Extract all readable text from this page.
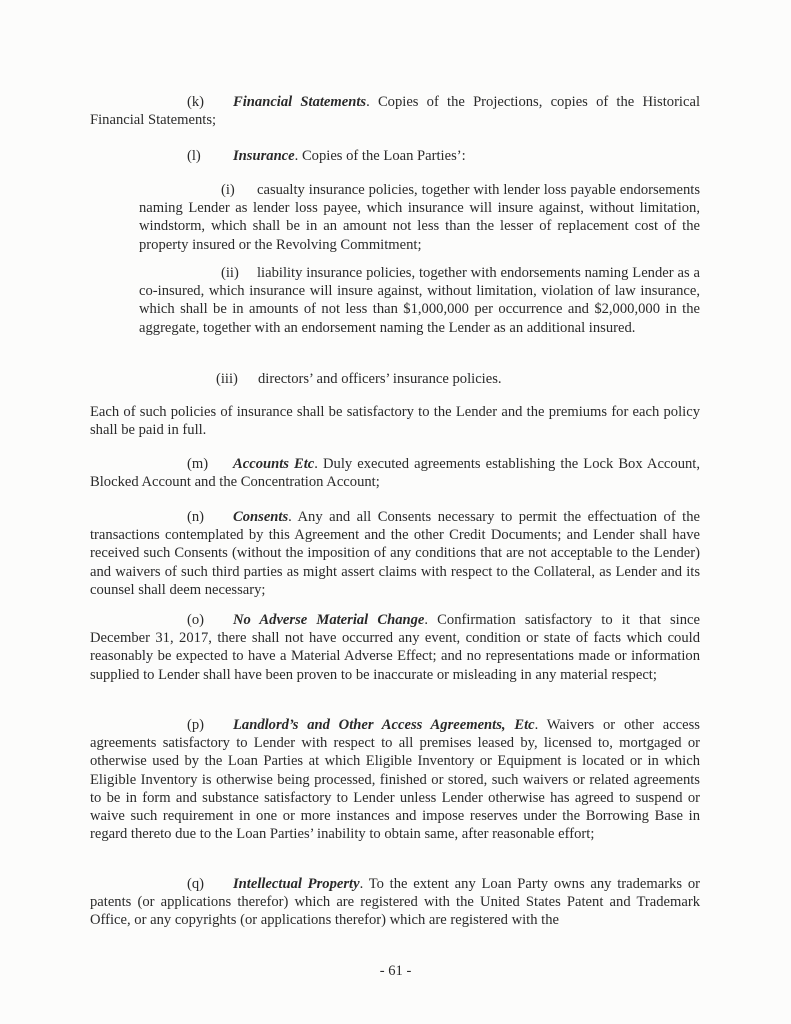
(k) Financial Statements. Copies of the Projections, copies of the Historical Financial Statements;
(l) Insurance. Copies of the Loan Parties’:
(i) casualty insurance policies, together with lender loss payable endorsements naming Lender as lender loss payee, which insurance will insure against, without limitation, windstorm, which shall be in an amount not less than the lesser of replacement cost of the property insured or the Revolving Commitment;
(ii) liability insurance policies, together with endorsements naming Lender as a co-insured, which insurance will insure against, without limitation, violation of law insurance, which shall be in amounts of not less than $1,000,000 per occurrence and $2,000,000 in the aggregate, together with an endorsement naming the Lender as an additional insured.
(iii) directors’ and officers’ insurance policies.
Each of such policies of insurance shall be satisfactory to the Lender and the premiums for each policy shall be paid in full.
(m) Accounts Etc. Duly executed agreements establishing the Lock Box Account, Blocked Account and the Concentration Account;
(n) Consents. Any and all Consents necessary to permit the effectuation of the transactions contemplated by this Agreement and the other Credit Documents; and Lender shall have received such Consents (without the imposition of any conditions that are not acceptable to the Lender) and waivers of such third parties as might assert claims with respect to the Collateral, as Lender and its counsel shall deem necessary;
(o) No Adverse Material Change. Confirmation satisfactory to it that since December 31, 2017, there shall not have occurred any event, condition or state of facts which could reasonably be expected to have a Material Adverse Effect; and no representations made or information supplied to Lender shall have been proven to be inaccurate or misleading in any material respect;
(p) Landlord’s and Other Access Agreements, Etc. Waivers or other access agreements satisfactory to Lender with respect to all premises leased by, licensed to, mortgaged or otherwise used by the Loan Parties at which Eligible Inventory or Equipment is located or in which Eligible Inventory is otherwise being processed, finished or stored, such waivers or related agreements to be in form and substance satisfactory to Lender unless Lender otherwise has agreed to suspend or waive such requirement in one or more instances and impose reserves under the Borrowing Base in regard thereto due to the Loan Parties’ inability to obtain same, after reasonable effort;
(q) Intellectual Property. To the extent any Loan Party owns any trademarks or patents (or applications therefor) which are registered with the United States Patent and Trademark Office, or any copyrights (or applications therefor) which are registered with the
- 61 -
